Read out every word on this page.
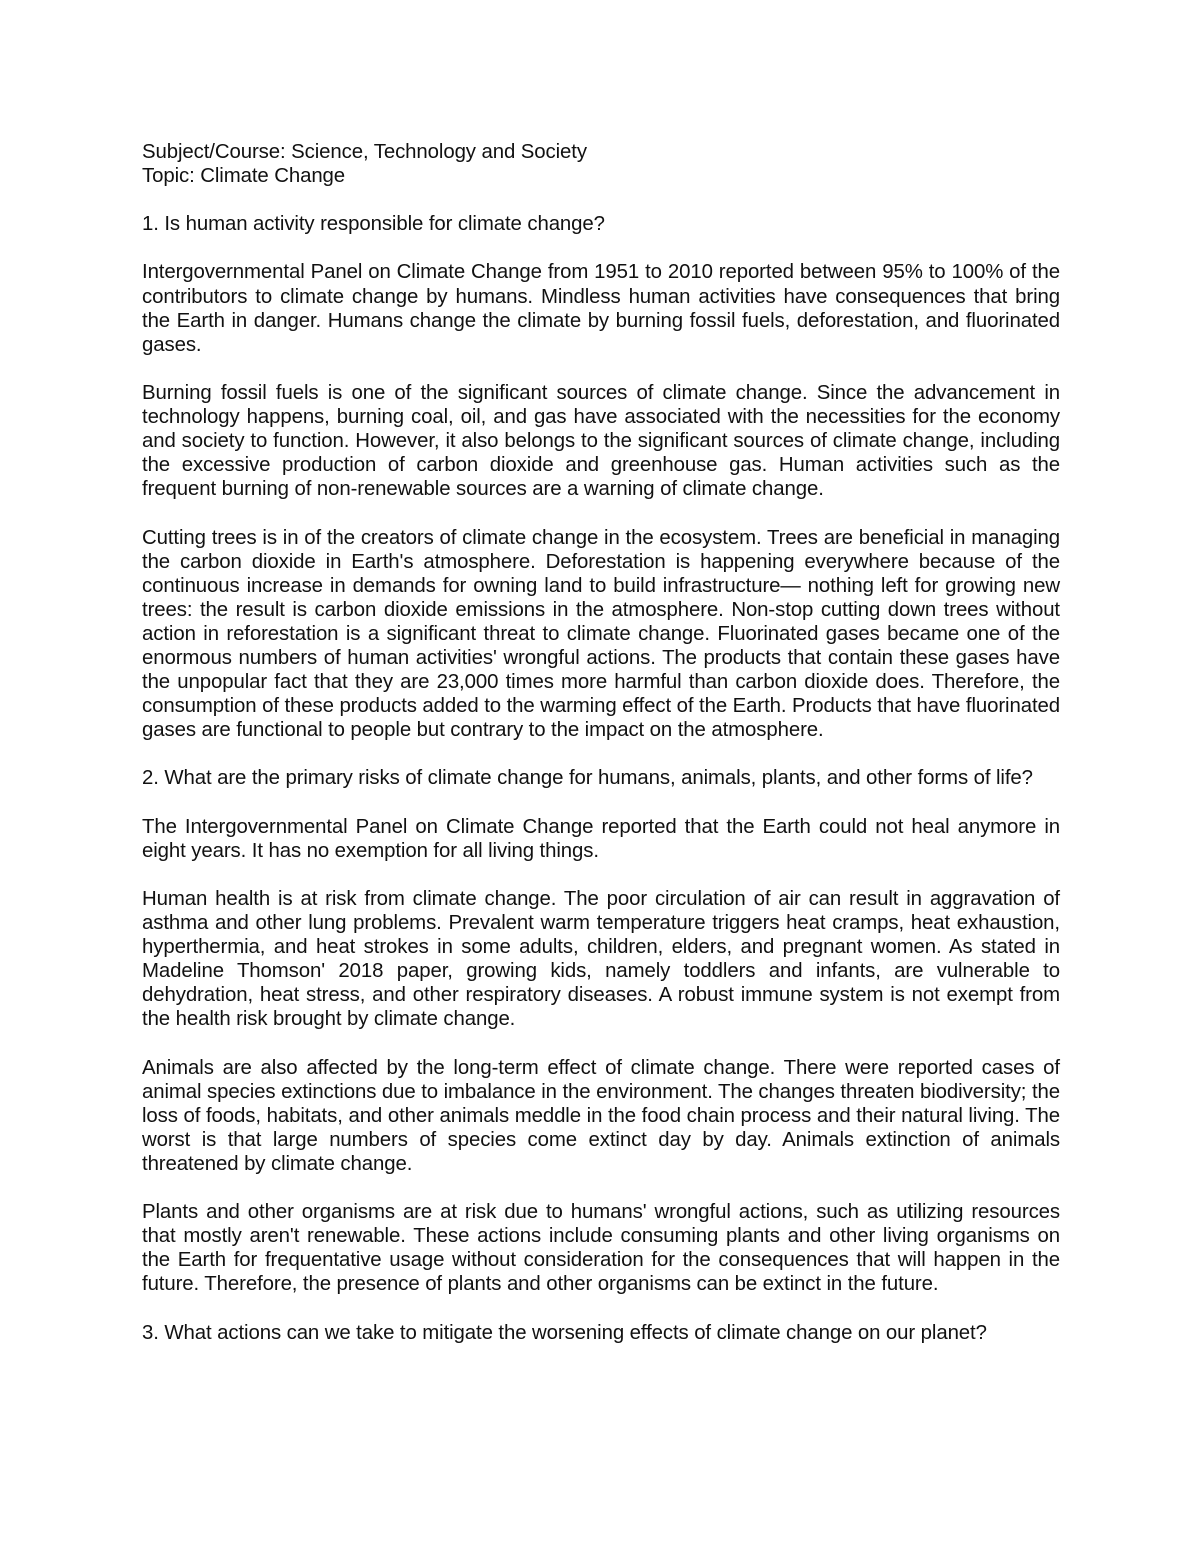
Subject/Course: Science, Technology and Society
Topic: Climate Change

1. Is human activity responsible for climate change?

Intergovernmental Panel on Climate Change from 1951 to 2010 reported between 95% to 100% of the contributors to climate change by humans. Mindless human activities have consequences that bring the Earth in danger. Humans change the climate by burning fossil fuels, deforestation, and fluorinated gases.

Burning fossil fuels is one of the significant sources of climate change. Since the advancement in technology happens, burning coal, oil, and gas have associated with the necessities for the economy and society to function. However, it also belongs to the significant sources of climate change, including the excessive production of carbon dioxide and greenhouse gas. Human activities such as the frequent burning of non-renewable sources are a warning of climate change.

Cutting trees is in of the creators of climate change in the ecosystem. Trees are beneficial in managing the carbon dioxide in Earth's atmosphere. Deforestation is happening everywhere because of the continuous increase in demands for owning land to build infrastructure— nothing left for growing new trees: the result is carbon dioxide emissions in the atmosphere. Non-stop cutting down trees without action in reforestation is a significant threat to climate change. Fluorinated gases became one of the enormous numbers of human activities' wrongful actions. The products that contain these gases have the unpopular fact that they are 23,000 times more harmful than carbon dioxide does. Therefore, the consumption of these products added to the warming effect of the Earth. Products that have fluorinated gases are functional to people but contrary to the impact on the atmosphere.

2. What are the primary risks of climate change for humans, animals, plants, and other forms of life?

The Intergovernmental Panel on Climate Change reported that the Earth could not heal anymore in eight years. It has no exemption for all living things.

Human health is at risk from climate change. The poor circulation of air can result in aggravation of asthma and other lung problems. Prevalent warm temperature triggers heat cramps, heat exhaustion, hyperthermia, and heat strokes in some adults, children, elders, and pregnant women. As stated in Madeline Thomson' 2018 paper, growing kids, namely toddlers and infants, are vulnerable to dehydration, heat stress, and other respiratory diseases. A robust immune system is not exempt from the health risk brought by climate change.

Animals are also affected by the long-term effect of climate change. There were reported cases of animal species extinctions due to imbalance in the environment. The changes threaten biodiversity; the loss of foods, habitats, and other animals meddle in the food chain process and their natural living. The worst is that large numbers of species come extinct day by day. Animals extinction of animals threatened by climate change.

Plants and other organisms are at risk due to humans' wrongful actions, such as utilizing resources that mostly aren't renewable. These actions include consuming plants and other living organisms on the Earth for frequentative usage without consideration for the consequences that will happen in the future. Therefore, the presence of plants and other organisms can be extinct in the future.

3. What actions can we take to mitigate the worsening effects of climate change on our planet?
